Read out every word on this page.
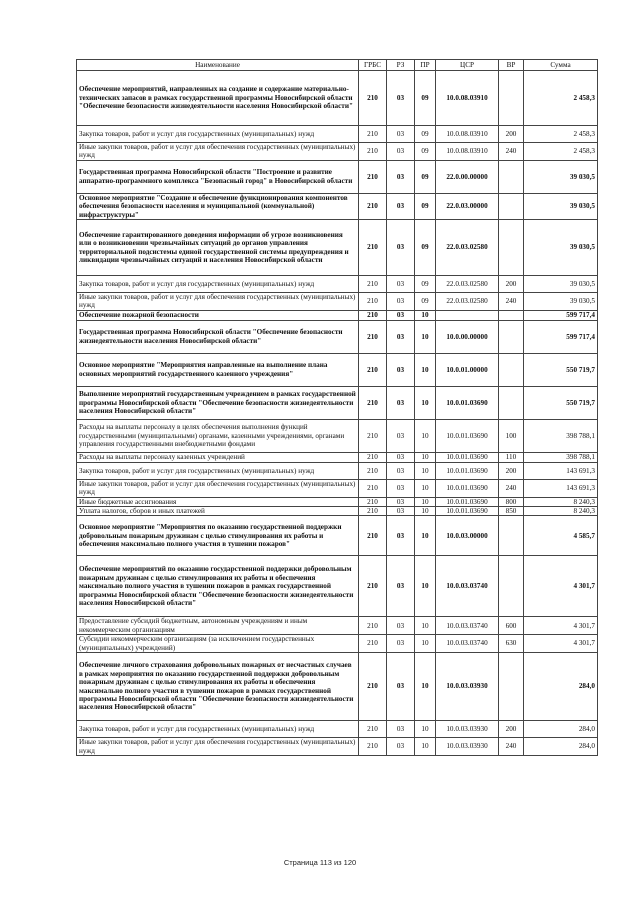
Наименование	ГРБС	РЗ	ПР	ЦСР	ВР	Сумма
Обеспечение мероприятий, направленных на создание и содержание материально-технических запасов в рамках государственной программы Новосибирской области "Обеспечение безопасности жизнедеятельности населения Новосибирской области"	210	03	09	10.0.08.03910		2 458,3
Закупка товаров, работ и услуг для государственных (муниципальных) нужд	210	03	09	10.0.08.03910	200	2 458,3
Иные закупки товаров, работ и услуг для обеспечения государственных (муниципальных) нужд	210	03	09	10.0.08.03910	240	2 458,3
Государственная программа Новосибирской области "Построение и развитие аппаратно-программного комплекса "Безопасный город" в Новосибирской области	210	03	09	22.0.00.00000		39 030,5
Основное мероприятие "Создание и обеспечение функционирования компонентов обеспечения безопасности населения и муниципальной (коммунальной) инфраструктуры"	210	03	09	22.0.03.00000		39 030,5
Обеспечение гарантированного доведения информации об угрозе возникновения или о возникновении чрезвычайных ситуаций до органов управления территориальной подсистемы единой государственной системы предупреждения и ликвидации чрезвычайных ситуаций и населения Новосибирской области	210	03	09	22.0.03.02580		39 030,5
Закупка товаров, работ и услуг для государственных (муниципальных) нужд	210	03	09	22.0.03.02580	200	39 030,5
Иные закупки товаров, работ и услуг для обеспечения государственных (муниципальных) нужд	210	03	09	22.0.03.02580	240	39 030,5
Обеспечение пожарной безопасности	210	03	10			599 717,4
Государственная программа Новосибирской области "Обеспечение безопасности жизнедеятельности населения Новосибирской области"	210	03	10	10.0.00.00000		599 717,4
Основное мероприятие "Мероприятия направленные на выполнение плана основных мероприятий государственного казенного учреждения"	210	03	10	10.0.01.00000		550 719,7
Выполнение мероприятий государственным учреждением в рамках государственной программы Новосибирской области "Обеспечение безопасности жизнедеятельности населения Новосибирской области"	210	03	10	10.0.01.03690		550 719,7
Расходы на выплаты персоналу в целях обеспечения выполнения функций государственными (муниципальными) органами, казенными учреждениями, органами управления государственными внебюджетными фондами	210	03	10	10.0.01.03690	100	398 788,1
Расходы на выплаты персоналу казенных учреждений	210	03	10	10.0.01.03690	110	398 788,1
Закупка товаров, работ и услуг для государственных (муниципальных) нужд	210	03	10	10.0.01.03690	200	143 691,3
Иные закупки товаров, работ и услуг для обеспечения государственных (муниципальных) нужд	210	03	10	10.0.01.03690	240	143 691,3
Иные бюджетные ассигнования	210	03	10	10.0.01.03690	800	8 240,3
Уплата налогов, сборов и иных платежей	210	03	10	10.0.01.03690	850	8 240,3
Основное мероприятие "Мероприятия по оказанию государственной поддержки добровольным пожарным дружинам с целью стимулирования их работы и обеспечения максимально полного участия в тушении пожаров"	210	03	10	10.0.03.00000		4 585,7
Обеспечение мероприятий по оказанию государственной поддержки добровольным пожарным дружинам с целью стимулирования их работы и обеспечения максимально полного участия в тушении пожаров в рамках государственной программы Новосибирской области "Обеспечение безопасности жизнедеятельности населения Новосибирской области"	210	03	10	10.0.03.03740		4 301,7
Предоставление субсидий бюджетным, автономным учреждениям и иным некоммерческим организациям	210	03	10	10.0.03.03740	600	4 301,7
Субсидии некоммерческим организациям (за исключением государственных (муниципальных) учреждений)	210	03	10	10.0.03.03740	630	4 301,7
Обеспечение личного страхования добровольных пожарных от несчастных случаев в рамках мероприятия по оказанию государственной поддержки добровольным пожарным дружинам с целью стимулирования их работы и обеспечения максимально полного участия в тушении пожаров в рамках государственной программы Новосибирской области "Обеспечение безопасности жизнедеятельности населения Новосибирской области"	210	03	10	10.0.03.03930		284,0
Закупка товаров, работ и услуг для государственных (муниципальных) нужд	210	03	10	10.0.03.03930	200	284,0
Иные закупки товаров, работ и услуг для обеспечения государственных (муниципальных) нужд	210	03	10	10.0.03.03930	240	284,0
Страница 113 из 120
